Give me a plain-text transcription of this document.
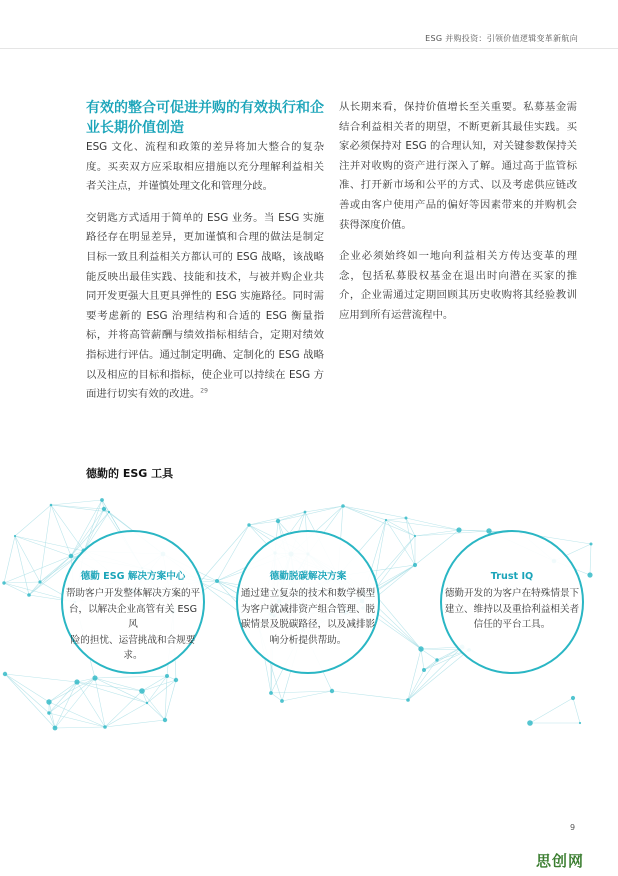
ESG 并购投资：引领价值逻辑变革新航向

有效的整合可促进并购的有效执行和企业长期价值创造

ESG 文化、流程和政策的差异将加大整合的复杂度。买卖双方应采取相应措施以充分理解利益相关者关注点，并谨慎处理文化和管理分歧。

交钥匙方式适用于简单的 ESG 业务。当 ESG 实施路径存在明显差异，更加谨慎和合理的做法是制定目标一致且利益相关方都认可的 ESG 战略，该战略能反映出最佳实践、技能和技术，与被并购企业共同开发更强大且更具弹性的 ESG 实施路径。同时需要考虑新的 ESG 治理结构和合适的 ESG 衡量指标，并将高管薪酬与绩效指标相结合，定期对绩效指标进行评估。通过制定明确、定制化的 ESG 战略以及相应的目标和指标，使企业可以持续在 ESG 方面进行切实有效的改进。$^{29}$

从长期来看，保持价值增长至关重要。私募基金需结合利益相关者的期望，不断更新其最佳实践。买家必须保持对 ESG 的合理认知，对关键参数保持关注并对收购的资产进行深入了解。通过高于监管标准、打开新市场和公平的方式、以及考虑供应链改善或由客户使用产品的偏好等因素带来的并购机会获得深度价值。

企业必须始终如一地向利益相关方传达变革的理念，包括私募股权基金在退出时向潜在买家的推介，企业需通过定期回顾其历史收购将其经验教训应用到所有运营流程中。

德勤的 ESG 工具
德勤 ESG 解决方案中心
帮助客户开发整体解决方案的平
台，以解决企业高管有关 ESG 风
险的担忧、运营挑战和合规要
求。
德勤脱碳解决方案
通过建立复杂的技术和数学模型
为客户就减排资产组合管理、脱
碳情景及脱碳路径，以及减排影
响分析提供帮助。
Trust IQ
德勤开发的为客户在特殊情景下
建立、维持以及重拾利益相关者
信任的平台工具。
9
思创网
